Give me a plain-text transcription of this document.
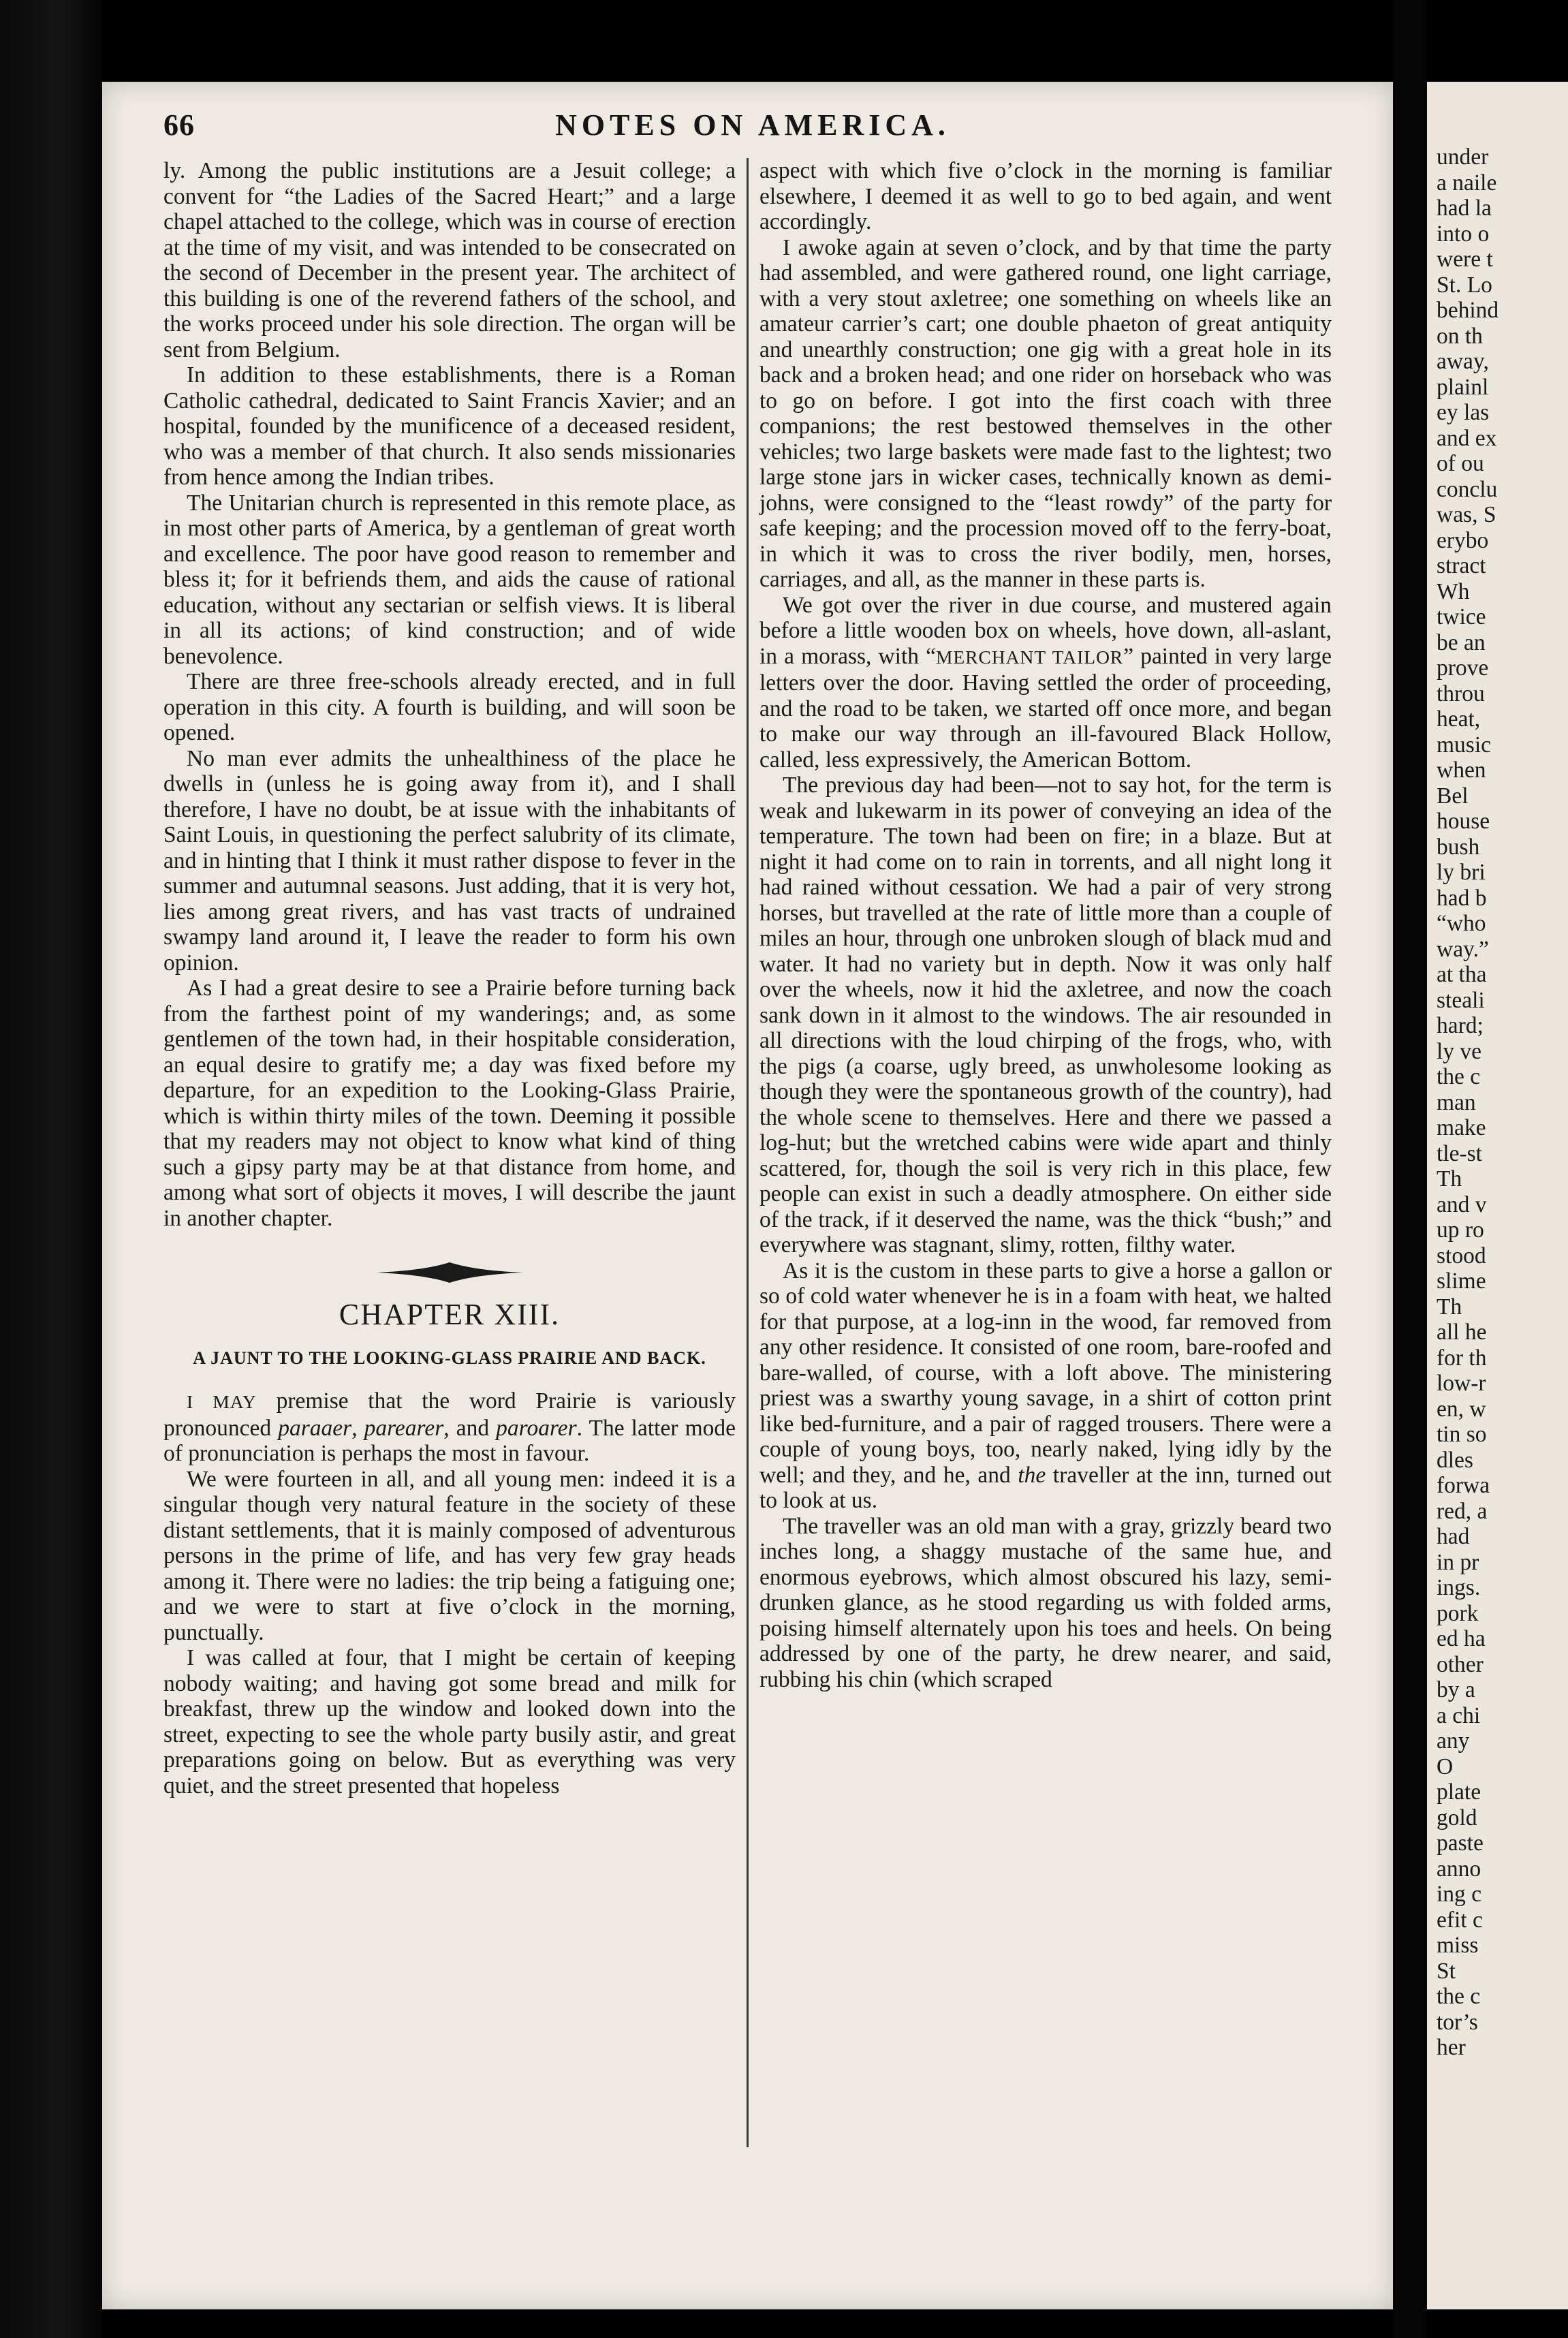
66	NOTES ON AMERICA.

ly. Among the public institutions are a Jesuit college; a convent for “the Ladies of the Sacred Heart;” and a large chapel attached to the college, which was in course of erection at the time of my visit, and was intended to be consecrated on the second of December in the present year. The architect of this building is one of the reverend fathers of the school, and the works proceed under his sole direction. The organ will be sent from Belgium.

In addition to these establishments, there is a Roman Catholic cathedral, dedicated to Saint Francis Xavier; and an hospital, founded by the munificence of a deceased resident, who was a member of that church. It also sends missionaries from hence among the Indian tribes.

The Unitarian church is represented in this remote place, as in most other parts of America, by a gentleman of great worth and excellence. The poor have good reason to remember and bless it; for it befriends them, and aids the cause of rational education, without any sectarian or selfish views. It is liberal in all its actions; of kind construction; and of wide benevolence.

There are three free-schools already erected, and in full operation in this city. A fourth is building, and will soon be opened.

No man ever admits the unhealthiness of the place he dwells in (unless he is going away from it), and I shall therefore, I have no doubt, be at issue with the inhabitants of Saint Louis, in questioning the perfect salubrity of its climate, and in hinting that I think it must rather dispose to fever in the summer and autumnal seasons. Just adding, that it is very hot, lies among great rivers, and has vast tracts of undrained swampy land around it, I leave the reader to form his own opinion.

As I had a great desire to see a Prairie before turning back from the farthest point of my wanderings; and, as some gentlemen of the town had, in their hospitable consideration, an equal desire to gratify me; a day was fixed before my departure, for an expedition to the Looking-Glass Prairie, which is within thirty miles of the town. Deeming it possible that my readers may not object to know what kind of thing such a gipsy party may be at that distance from home, and among what sort of objects it moves, I will describe the jaunt in another chapter.

CHAPTER XIII.
A JAUNT TO THE LOOKING-GLASS PRAIRIE AND BACK.

I MAY premise that the word Prairie is variously pronounced paraaer, parearer, and paroarer. The latter mode of pronunciation is perhaps the most in favour.

We were fourteen in all, and all young men: indeed it is a singular though very natural feature in the society of these distant settlements, that it is mainly composed of adventurous persons in the prime of life, and has very few gray heads among it. There were no ladies: the trip being a fatiguing one; and we were to start at five o’clock in the morning, punctually.

I was called at four, that I might be certain of keeping nobody waiting; and having got some bread and milk for breakfast, threw up the window and looked down into the street, expecting to see the whole party busily astir, and great preparations going on below. But as everything was very quiet, and the street presented that hopeless

aspect with which five o’clock in the morning is familiar elsewhere, I deemed it as well to go to bed again, and went accordingly.

I awoke again at seven o’clock, and by that time the party had assembled, and were gathered round, one light carriage, with a very stout axletree; one something on wheels like an amateur carrier’s cart; one double phaeton of great antiquity and unearthly construction; one gig with a great hole in its back and a broken head; and one rider on horseback who was to go on before. I got into the first coach with three companions; the rest bestowed themselves in the other vehicles; two large baskets were made fast to the lightest; two large stone jars in wicker cases, technically known as demi-johns, were consigned to the “least rowdy” of the party for safe keeping; and the procession moved off to the ferry-boat, in which it was to cross the river bodily, men, horses, carriages, and all, as the manner in these parts is.

We got over the river in due course, and mustered again before a little wooden box on wheels, hove down, all-aslant, in a morass, with “MERCHANT TAILOR” painted in very large letters over the door. Having settled the order of proceeding, and the road to be taken, we started off once more, and began to make our way through an ill-favoured Black Hollow, called, less expressively, the American Bottom.

The previous day had been—not to say hot, for the term is weak and lukewarm in its power of conveying an idea of the temperature. The town had been on fire; in a blaze. But at night it had come on to rain in torrents, and all night long it had rained without cessation. We had a pair of very strong horses, but travelled at the rate of little more than a couple of miles an hour, through one unbroken slough of black mud and water. It had no variety but in depth. Now it was only half over the wheels, now it hid the axletree, and now the coach sank down in it almost to the windows. The air resounded in all directions with the loud chirping of the frogs, who, with the pigs (a coarse, ugly breed, as unwholesome looking as though they were the spontaneous growth of the country), had the whole scene to themselves. Here and there we passed a log-hut; but the wretched cabins were wide apart and thinly scattered, for, though the soil is very rich in this place, few people can exist in such a deadly atmosphere. On either side of the track, if it deserved the name, was the thick “bush;” and everywhere was stagnant, slimy, rotten, filthy water.

As it is the custom in these parts to give a horse a gallon or so of cold water whenever he is in a foam with heat, we halted for that purpose, at a log-inn in the wood, far removed from any other residence. It consisted of one room, bare-roofed and bare-walled, of course, with a loft above. The ministering priest was a swarthy young savage, in a shirt of cotton print like bed-furniture, and a pair of ragged trousers. There were a couple of young boys, too, nearly naked, lying idly by the well; and they, and he, and the traveller at the inn, turned out to look at us.

The traveller was an old man with a gray, grizzly beard two inches long, a shaggy mustache of the same hue, and enormous eyebrows, which almost obscured his lazy, semi-drunken glance, as he stood regarding us with folded arms, poising himself alternately upon his toes and heels. On being addressed by one of the party, he drew nearer, and said, rubbing his chin (which scraped

under
a naile
had la
into o
were t
St. Lo
behind
on th
away,
plainl
ey las
and ex
of ou
conclu
was, S
erybo
stract
Wh
twice
be an
prove
throu
heat,
music
when
Bel
house
bush
ly bri
had b
“who
way.”
at tha
steali
hard;
ly ve
the c
man
make
tle-st
Th
and v
up ro
stood
slime
Th
all he
for th
low-r
en, w
tin so
dles
forwa
red, a
had
in pr
ings.
pork
ed ha
other
by a
a chi
any
O
plate
gold
paste
anno
ing c
efit c
miss
St
the c
tor’s
her
